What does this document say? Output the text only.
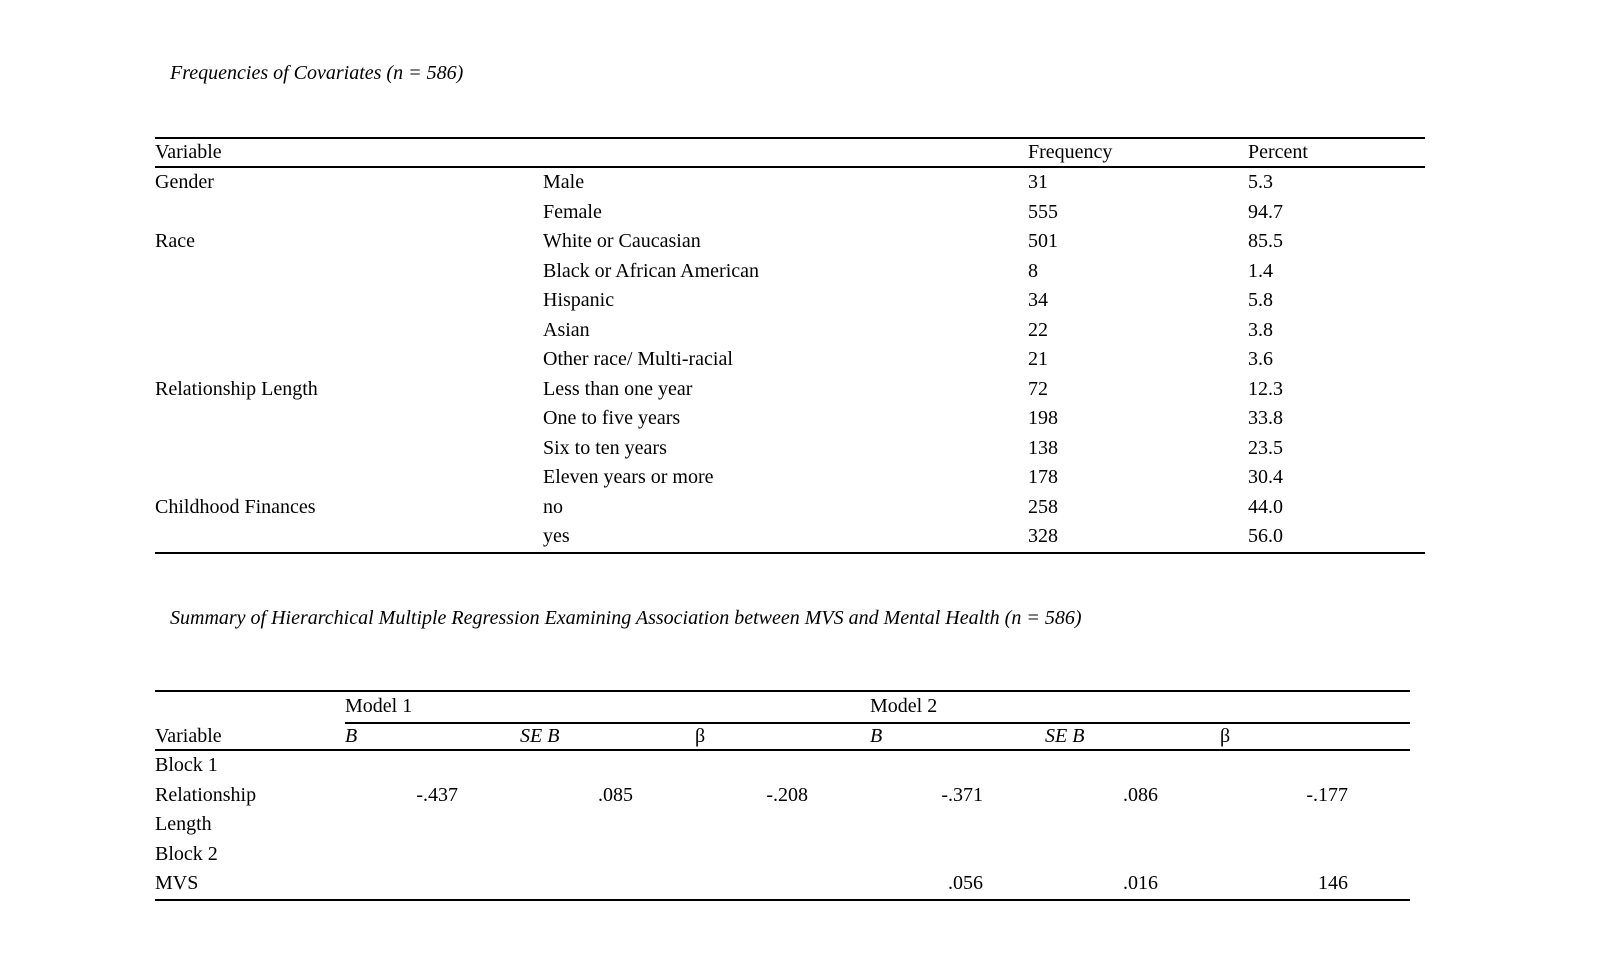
Frequencies of Covariates (n = 586)
Variable		Frequency	Percent
Gender	Male	31	5.3
	Female	555	94.7
Race	White or Caucasian	501	85.5
	Black or African American	8	1.4
	Hispanic	34	5.8
	Asian	22	3.8
	Other race/ Multi-racial	21	3.6
Relationship Length	Less than one year	72	12.3
	One to five years	198	33.8
	Six to ten years	138	23.5
	Eleven years or more	178	30.4
Childhood Finances	no	258	44.0
	yes	328	56.0
Summary of Hierarchical Multiple Regression Examining Association between MVS and Mental Health (n = 586)
	Model 1			Model 2		
Variable	B	SE B	β	B	SE B	β
Block 1						
Relationship Length	-.437	.085	-.208	-.371	.086	-.177
Block 2						
MVS				.056	.016	146
